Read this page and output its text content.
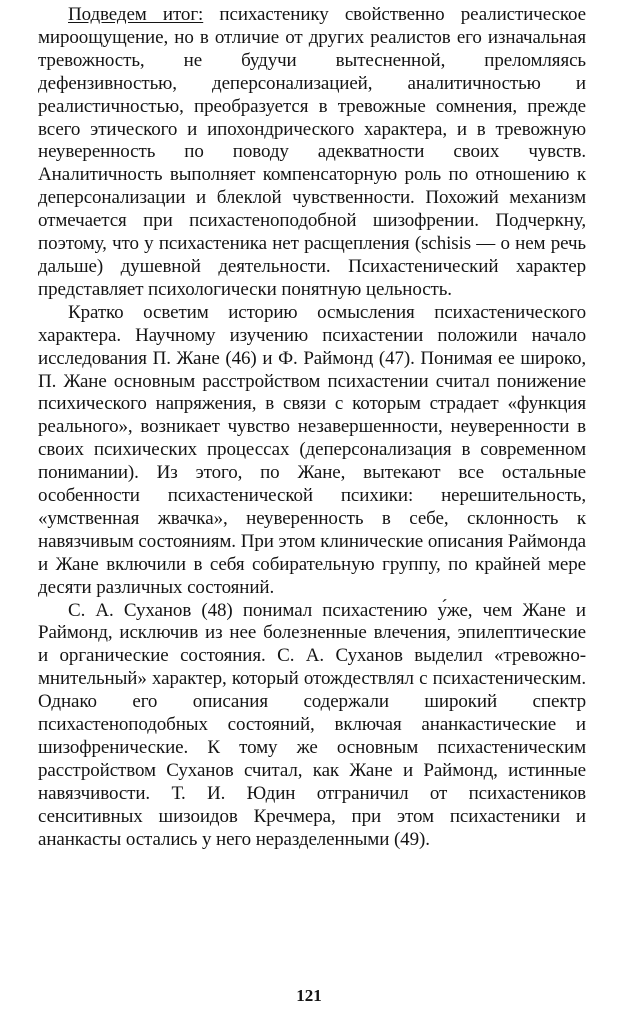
Подведем итог: психастенику свойственно реалистическое мироощущение, но в отличие от других реалистов его изначальная тревожность, не будучи вытесненной, преломляясь дефензивностью, деперсонализацией, аналитичностью и реалистичностью, преобразуется в тревожные сомнения, прежде всего этического и ипохондрического характера, и в тревожную неуверенность по поводу адекватности своих чувств. Аналитичность выполняет компенсаторную роль по отношению к деперсонализации и блеклой чувственности. Похожий механизм отмечается при психастеноподобной шизофрении. Подчеркну, поэтому, что у психастеника нет расщепления (schisis — о нем речь дальше) душевной деятельности. Психастенический характер представляет психологически понятную цельность.

Кратко осветим историю осмысления психастенического характера. Научному изучению психастении положили начало исследования П. Жане (46) и Ф. Раймонд (47). Понимая ее широко, П. Жане основным расстройством психастении считал понижение психического напряжения, в связи с которым страдает «функция реального», возникает чувство незавершенности, неуверенности в своих психических процессах (деперсонализация в современном понимании). Из этого, по Жане, вытекают все остальные особенности психастенической психики: нерешительность, «умственная жвачка», неуверенность в себе, склонность к навязчивым состояниям. При этом клинические описания Раймонда и Жане включили в себя собирательную группу, по крайней мере десяти различных состояний.

С. А. Суханов (48) понимал психастению у́же, чем Жане и Раймонд, исключив из нее болезненные влечения, эпилептические и органические состояния. С. А. Суханов выделил «тревожно-мнительный» характер, который отождествлял с психастеническим. Однако его описания содержали широкий спектр психастеноподобных состояний, включая ананкастические и шизофренические. К тому же основным психастеническим расстройством Суханов считал, как Жане и Раймонд, истинные навязчивости. Т. И. Юдин отграничил от психастеников сенситивных шизоидов Кречмера, при этом психастеники и ананкасты остались у него неразделенными (49).

121
